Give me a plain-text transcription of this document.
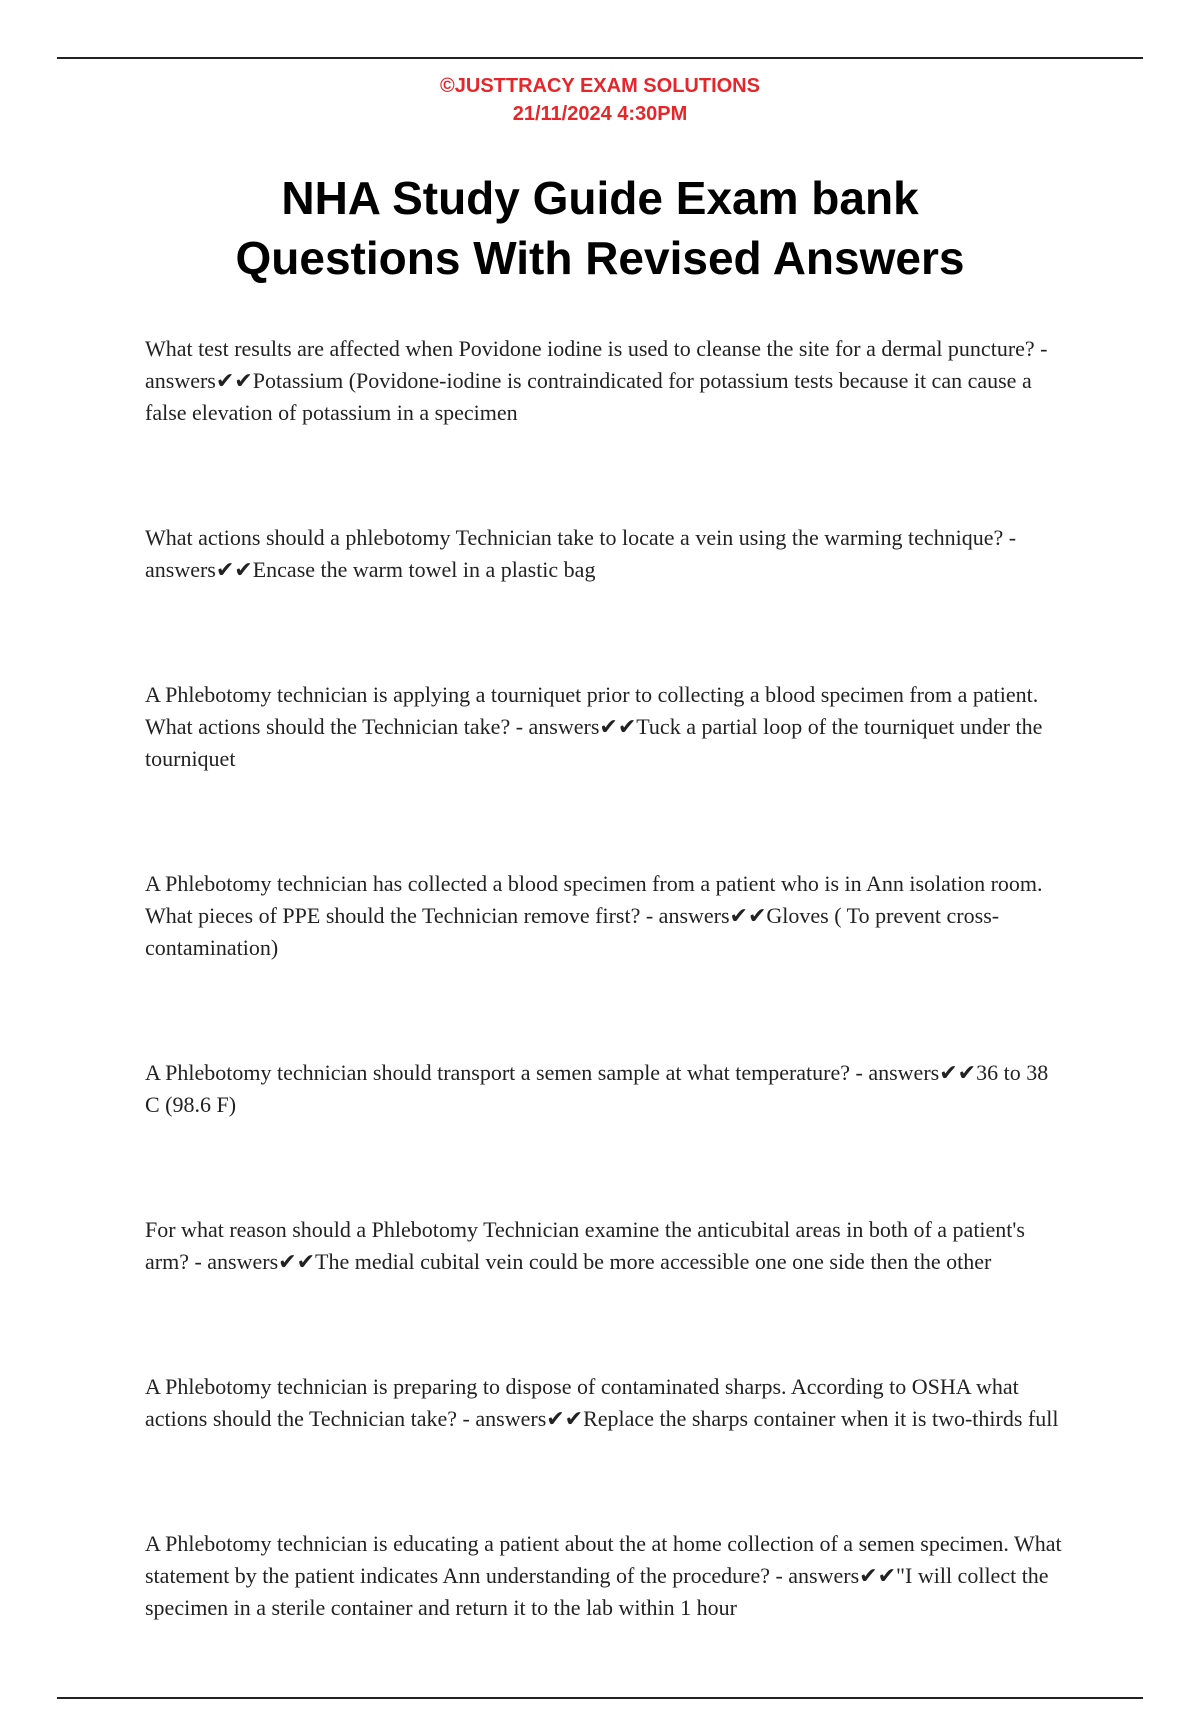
©JUSTTRACY EXAM SOLUTIONS
21/11/2024 4:30PM
NHA Study Guide Exam bank
Questions With Revised Answers
What test results are affected when Povidone iodine is used to cleanse the site for a dermal puncture? - answers✔✔Potassium (Povidone-iodine is contraindicated for potassium tests because it can cause a false elevation of potassium in a specimen
What actions should a phlebotomy Technician take to locate a vein using the warming technique? - answers✔✔Encase the warm towel in a plastic bag
A Phlebotomy technician is applying a tourniquet prior to collecting a blood specimen from a patient. What actions should the Technician take? - answers✔✔Tuck a partial loop of the tourniquet under the tourniquet
A Phlebotomy technician has collected a blood specimen from a patient who is in Ann isolation room. What pieces of PPE should the Technician remove first? - answers✔✔Gloves ( To prevent cross-contamination)
A Phlebotomy technician should transport a semen sample at what temperature? - answers✔✔36 to 38 C (98.6 F)
For what reason should a Phlebotomy Technician examine the anticubital areas in both of a patient's arm? - answers✔✔The medial cubital vein could be more accessible one one side then the other
A Phlebotomy technician is preparing to dispose of contaminated sharps. According to OSHA what actions should the Technician take? - answers✔✔Replace the sharps container when it is two-thirds full
A Phlebotomy technician is educating a patient about the at home collection of a semen specimen. What statement by the patient indicates Ann understanding of the procedure? - answers✔✔"I will collect the specimen in a sterile container and return it to the lab within 1 hour
